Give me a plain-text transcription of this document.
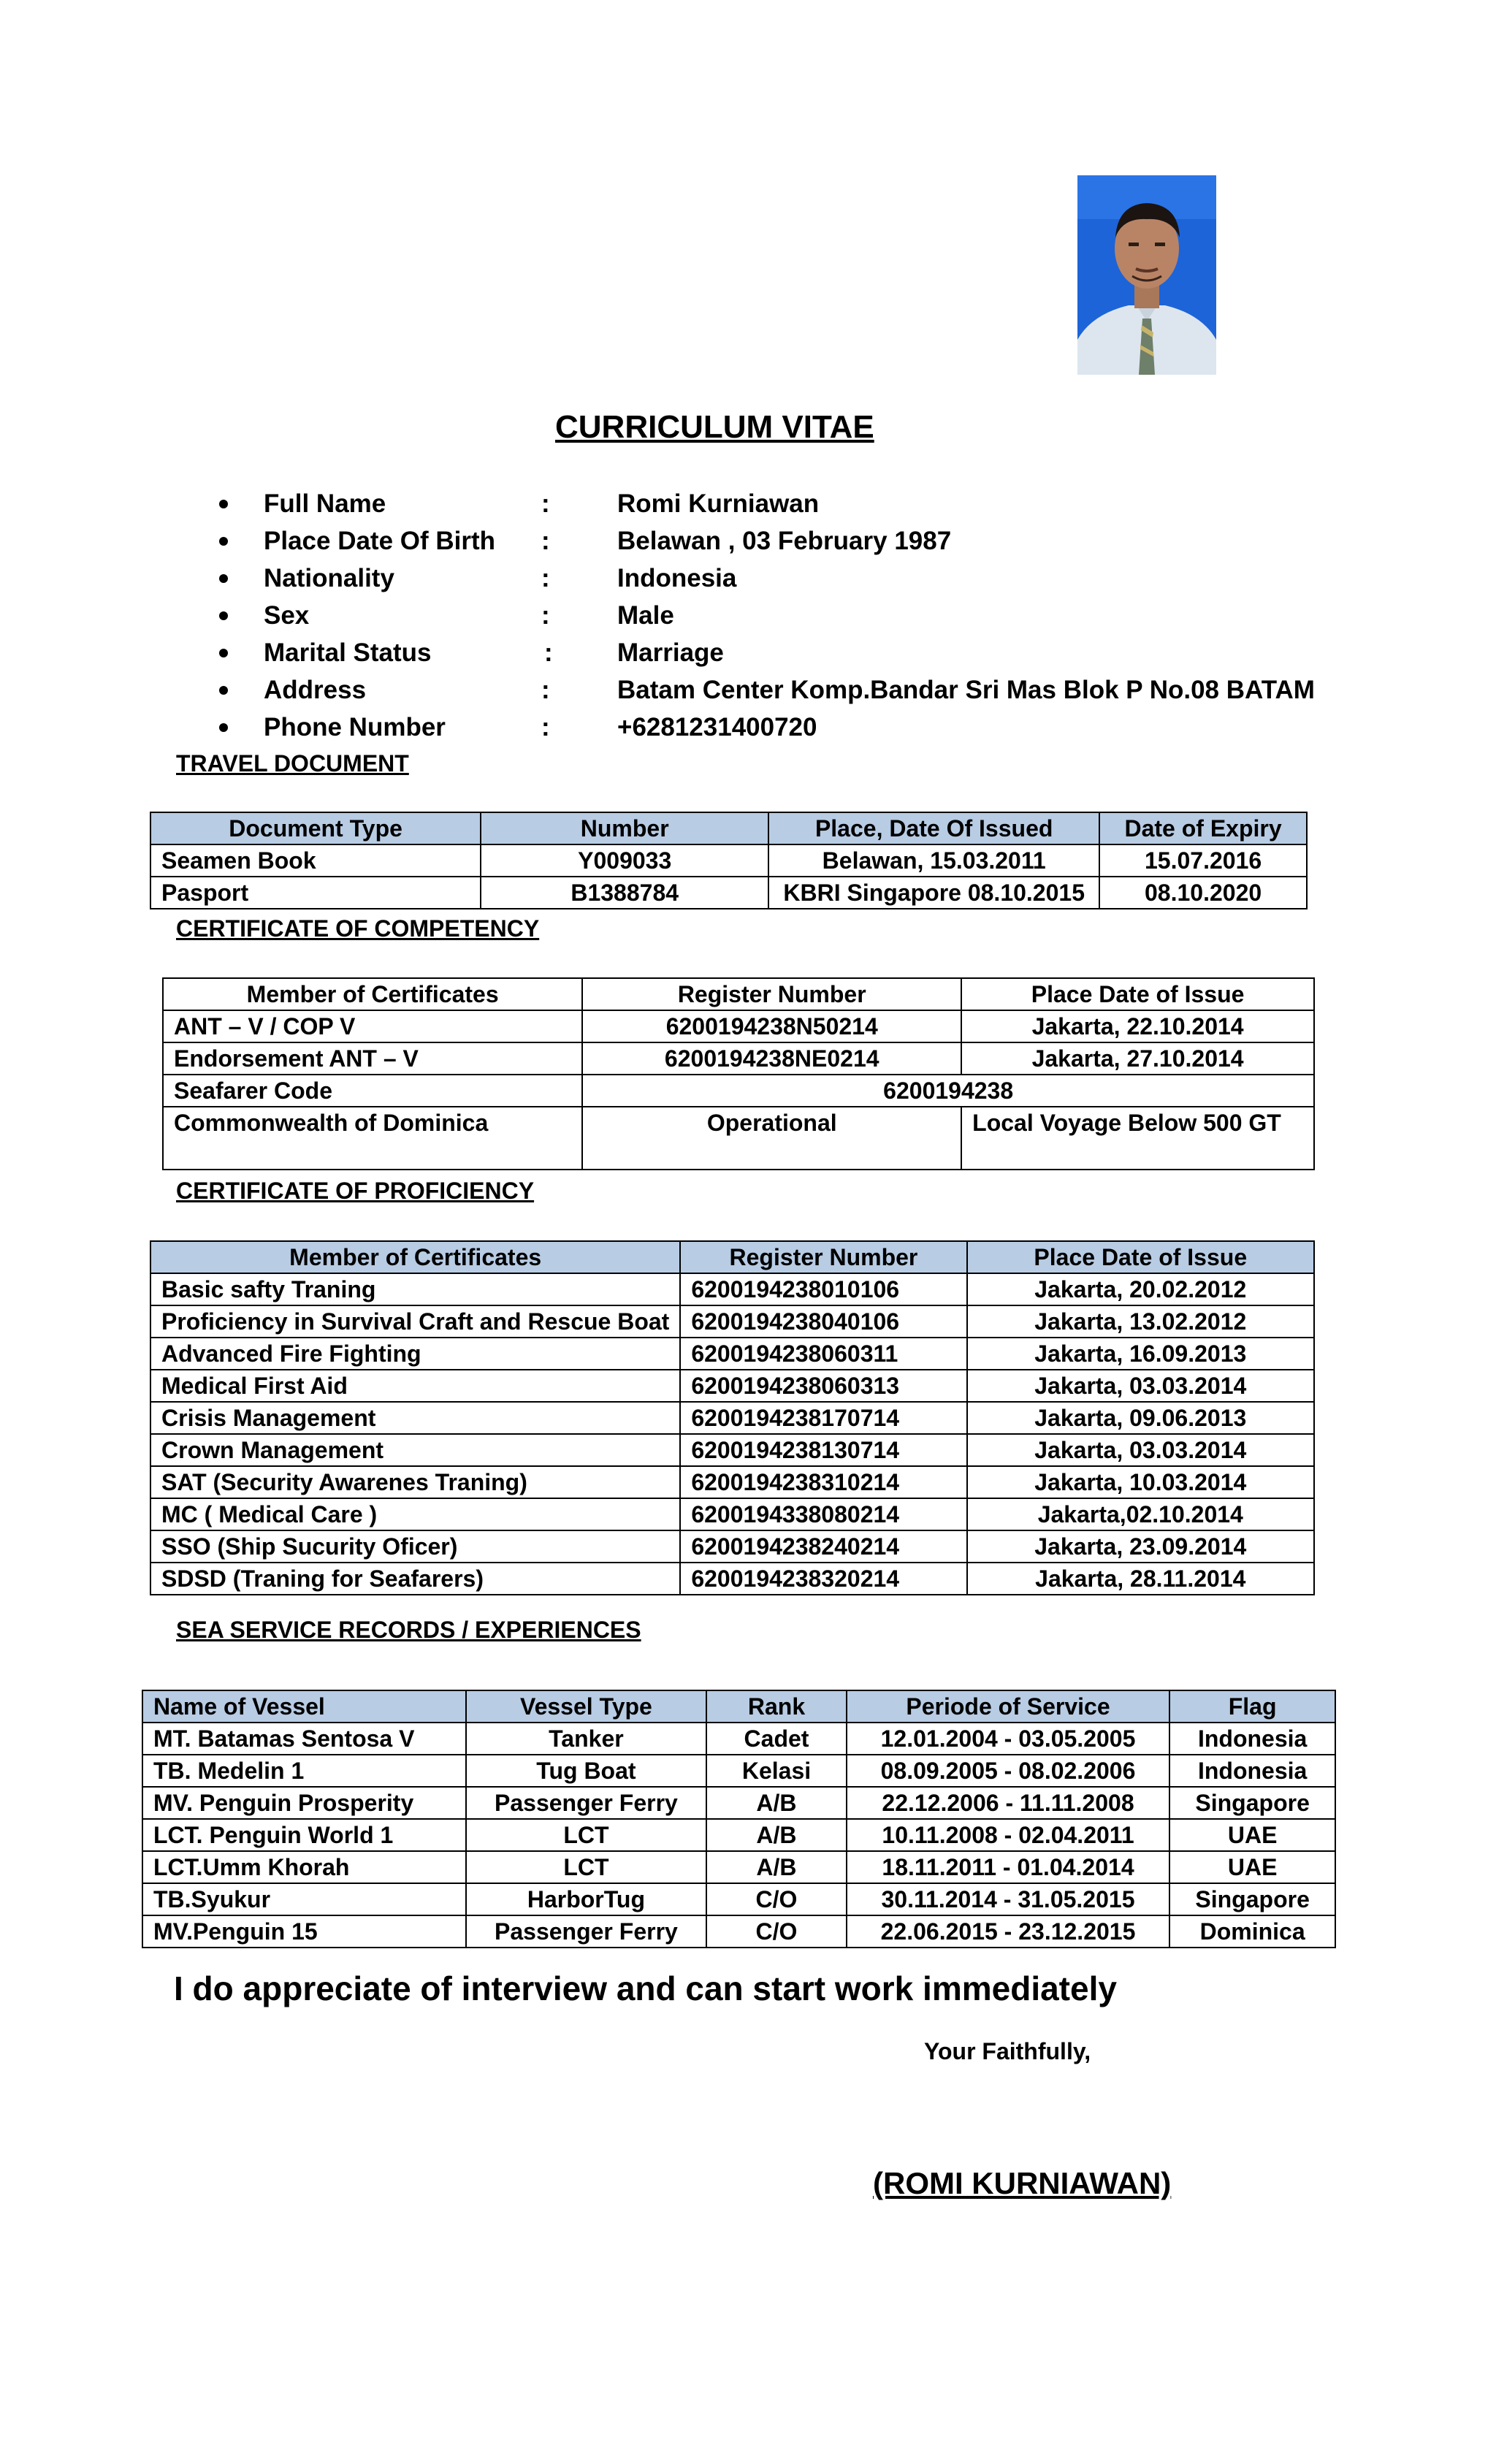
CURRICULUM VITAE
Full Name	:	Romi Kurniawan
Place Date Of Birth :	Belawan , 03 February 1987
Nationality	:	Indonesia
Sex	:	Male
Marital Status	:	Marriage
Address	:	Batam Center Komp.Bandar Sri Mas Blok P No.08 BATAM
Phone Number	:	+6281231400720
TRAVEL DOCUMENT
Document Type	Number	Place, Date Of Issued	Date of Expiry
Seamen Book	Y009033	Belawan, 15.03.2011	15.07.2016
Pasport	B1388784	KBRI Singapore 08.10.2015	08.10.2020
CERTIFICATE OF COMPETENCY
Member of Certificates	Register Number	Place Date of Issue
ANT – V / COP V	6200194238N50214	Jakarta, 22.10.2014
Endorsement ANT – V	6200194238NE0214	Jakarta, 27.10.2014
Seafarer Code	6200194238	
Commonwealth of Dominica	Operational	Local Voyage Below 500 GT
CERTIFICATE OF PROFICIENCY
Member of Certificates	Register Number	Place Date of Issue
Basic safty Traning	6200194238010106	Jakarta, 20.02.2012
Proficiency in Survival Craft and Rescue Boat	6200194238040106	Jakarta, 13.02.2012
Advanced Fire Fighting	6200194238060311	Jakarta, 16.09.2013
Medical First Aid	6200194238060313	Jakarta, 03.03.2014
Crisis Management	6200194238170714	Jakarta, 09.06.2013
Crown Management	6200194238130714	Jakarta, 03.03.2014
SAT (Security Awarenes Traning)	6200194238310214	Jakarta, 10.03.2014
MC ( Medical Care )	6200194338080214	Jakarta,02.10.2014
SSO (Ship Sucurity Oficer)	6200194238240214	Jakarta, 23.09.2014
SDSD (Traning for Seafarers)	6200194238320214	Jakarta, 28.11.2014
SEA SERVICE RECORDS / EXPERIENCES
Name of Vessel	Vessel Type	Rank	Periode of Service	Flag
MT. Batamas Sentosa V	Tanker	Cadet	12.01.2004 - 03.05.2005	Indonesia
TB. Medelin 1	Tug Boat	Kelasi	08.09.2005 - 08.02.2006	Indonesia
MV. Penguin Prosperity	Passenger Ferry	A/B	22.12.2006 - 11.11.2008	Singapore
LCT. Penguin World 1	LCT	A/B	10.11.2008 - 02.04.2011	UAE
LCT.Umm Khorah	LCT	A/B	18.11.2011 - 01.04.2014	UAE
TB.Syukur	HarborTug	C/O	30.11.2014 - 31.05.2015	Singapore
MV.Penguin 15	Passenger Ferry	C/O	22.06.2015 - 23.12.2015	Dominica
I do appreciate of interview and can start work immediately
Your Faithfully,
(ROMI KURNIAWAN)
